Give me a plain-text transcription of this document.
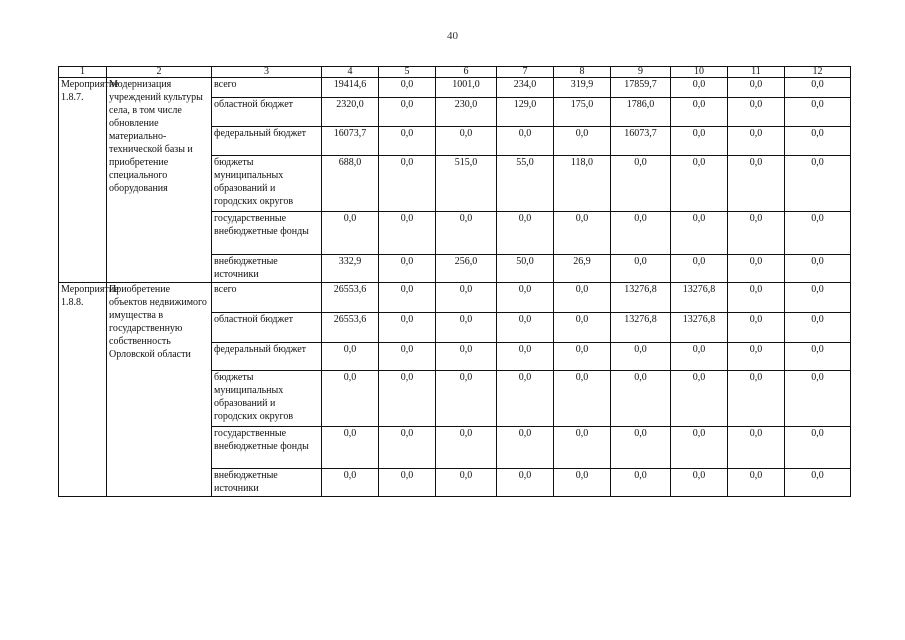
40
1	2	3	4	5	6	7	8	9	10	11	12
Мероприятие 1.8.7.	Модернизация учреждений культуры села, в том числе обновление материально-технической базы и приобретение специального оборудования	всего	19414,6	0,0	1001,0	234,0	319,9	17859,7	0,0	0,0	0,0
		областной бюджет	2320,0	0,0	230,0	129,0	175,0	1786,0	0,0	0,0	0,0
		федеральный бюджет	16073,7	0,0	0,0	0,0	0,0	16073,7	0,0	0,0	0,0
		бюджеты муниципальных образований и городских округов	688,0	0,0	515,0	55,0	118,0	0,0	0,0	0,0	0,0
		государственные внебюджетные фонды	0,0	0,0	0,0	0,0	0,0	0,0	0,0	0,0	0,0
		внебюджетные источники	332,9	0,0	256,0	50,0	26,9	0,0	0,0	0,0	0,0
Мероприятие 1.8.8.	Приобретение объектов недвижимого имущества в государственную собственность Орловской области	всего	26553,6	0,0	0,0	0,0	0,0	13276,8	13276,8	0,0	0,0
		областной бюджет	26553,6	0,0	0,0	0,0	0,0	13276,8	13276,8	0,0	0,0
		федеральный бюджет	0,0	0,0	0,0	0,0	0,0	0,0	0,0	0,0	0,0
		бюджеты муниципальных образований и городских округов	0,0	0,0	0,0	0,0	0,0	0,0	0,0	0,0	0,0
		государственные внебюджетные фонды	0,0	0,0	0,0	0,0	0,0	0,0	0,0	0,0	0,0
		внебюджетные источники	0,0	0,0	0,0	0,0	0,0	0,0	0,0	0,0	0,0
